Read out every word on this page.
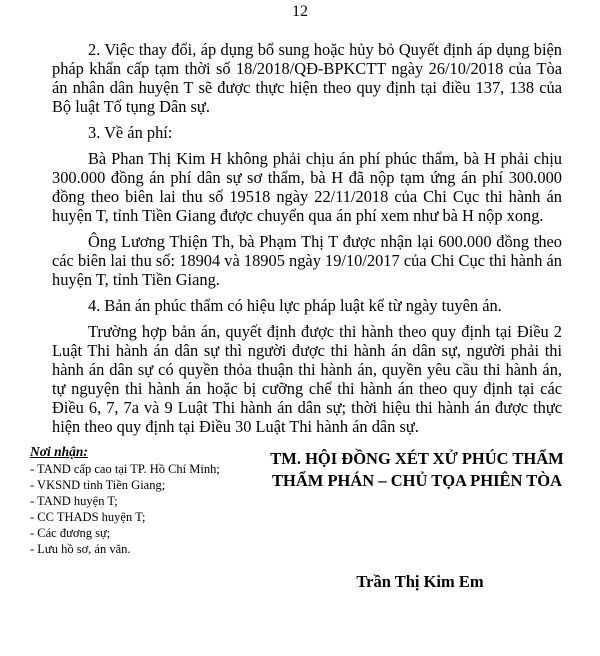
12

2. Việc thay đổi, áp dụng bổ sung hoặc hủy bỏ Quyết định áp dụng biện pháp khẩn cấp tạm thời số 18/2018/QĐ-BPKCTT ngày 26/10/2018 của Tòa án nhân dân huyện T sẽ được thực hiện theo quy định tại điều 137, 138 của Bộ luật Tố tụng Dân sự.

3. Về án phí:

Bà Phan Thị Kim H không phải chịu án phí phúc thẩm, bà H phải chịu 300.000 đồng án phí dân sự sơ thẩm, bà H đã nộp tạm ứng án phí 300.000 đồng theo biên lai thu số 19518 ngày 22/11/2018 của Chi Cục thi hành án huyện T, tỉnh Tiền Giang được chuyển qua án phí xem như bà H nộp xong.

Ông Lương Thiện Th, bà Phạm Thị T được nhận lại 600.000 đồng theo các biên lai thu số: 18904 và 18905 ngày 19/10/2017 của Chi Cục thi hành án huyện T, tỉnh Tiền Giang.

4. Bản án phúc thẩm có hiệu lực pháp luật kể từ ngày tuyên án.

Trường hợp bản án, quyết định được thi hành theo quy định tại Điều 2 Luật Thi hành án dân sự thì người được thi hành án dân sự, người phải thi hành án dân sự có quyền thỏa thuận thi hành án, quyền yêu cầu thi hành án, tự nguyện thi hành án hoặc bị cưỡng chế thi hành án theo quy định tại các Điều 6, 7, 7a và 9 Luật Thi hành án dân sự; thời hiệu thi hành án được thực hiện theo quy định tại Điều 30 Luật Thi hành án dân sự.

Nơi nhận:
- TAND cấp cao tại TP. Hồ Chí Minh;
- VKSND tỉnh Tiền Giang;
- TAND huyện T;
- CC THADS huyện T;
- Các đương sự;
- Lưu hồ sơ, án văn.
TM. HỘI ĐỒNG XÉT XỬ PHÚC THẨM
THẨM PHÁN – CHỦ TỌA PHIÊN TÒA
Trần Thị Kim Em
